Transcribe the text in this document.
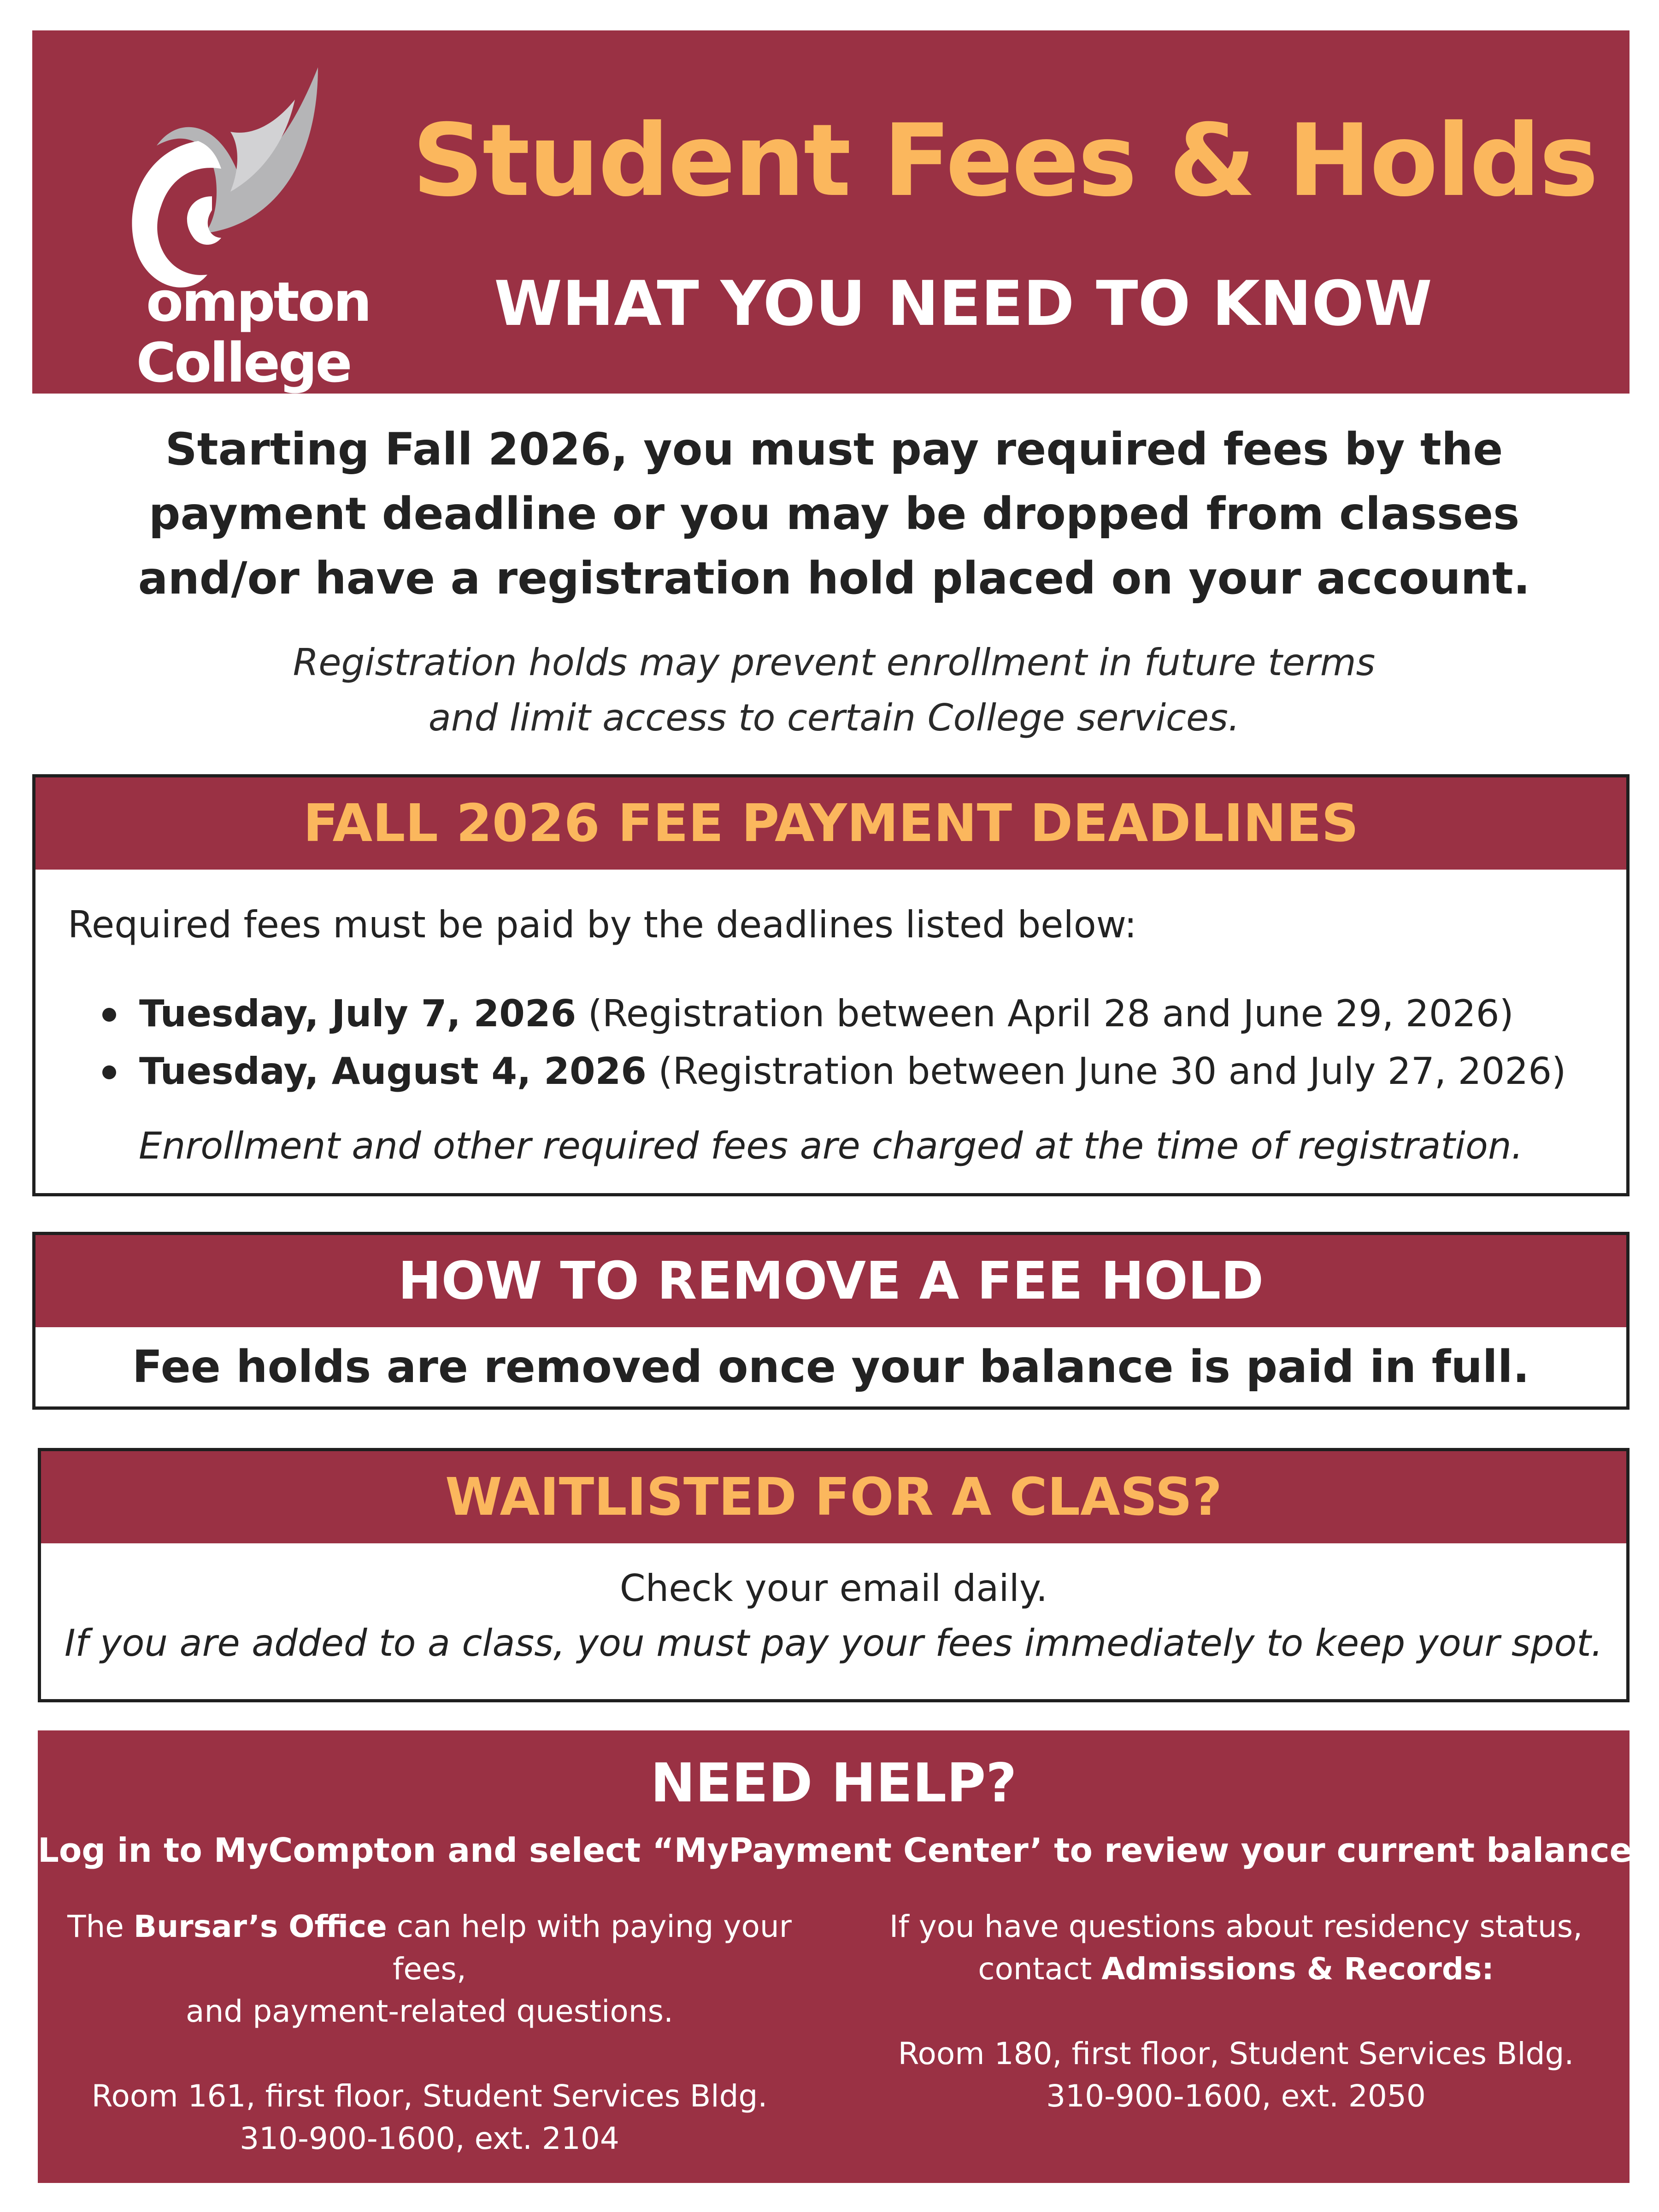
ompton
College
Student Fees & Holds
WHAT YOU NEED TO KNOW
Starting Fall 2026, you must pay required fees by the payment deadline or you may be dropped from classes and/or have a registration hold placed on your account.
Registration holds may prevent enrollment in future terms
and limit access to certain College services.
FALL 2026 FEE PAYMENT DEADLINES
Required fees must be paid by the deadlines listed below:
Tuesday, July 7, 2026 (Registration between April 28 and June 29, 2026)
Tuesday, August 4, 2026 (Registration between June 30 and July 27, 2026)
Enrollment and other required fees are charged at the time of registration.
HOW TO REMOVE A FEE HOLD
Fee holds are removed once your balance is paid in full.
WAITLISTED FOR A CLASS?
Check your email daily.
If you are added to a class, you must pay your fees immediately to keep your spot.
NEED HELP?
Log in to MyCompton and select “MyPayment Center’ to review your current balance.
The Bursar’s Office can help with paying your fees,
and payment-related questions.
Room 161, first floor, Student Services Bldg.
310-900-1600, ext. 2104
If you have questions about residency status,
contact Admissions & Records:
Room 180, first floor, Student Services Bldg.
310-900-1600, ext. 2050
